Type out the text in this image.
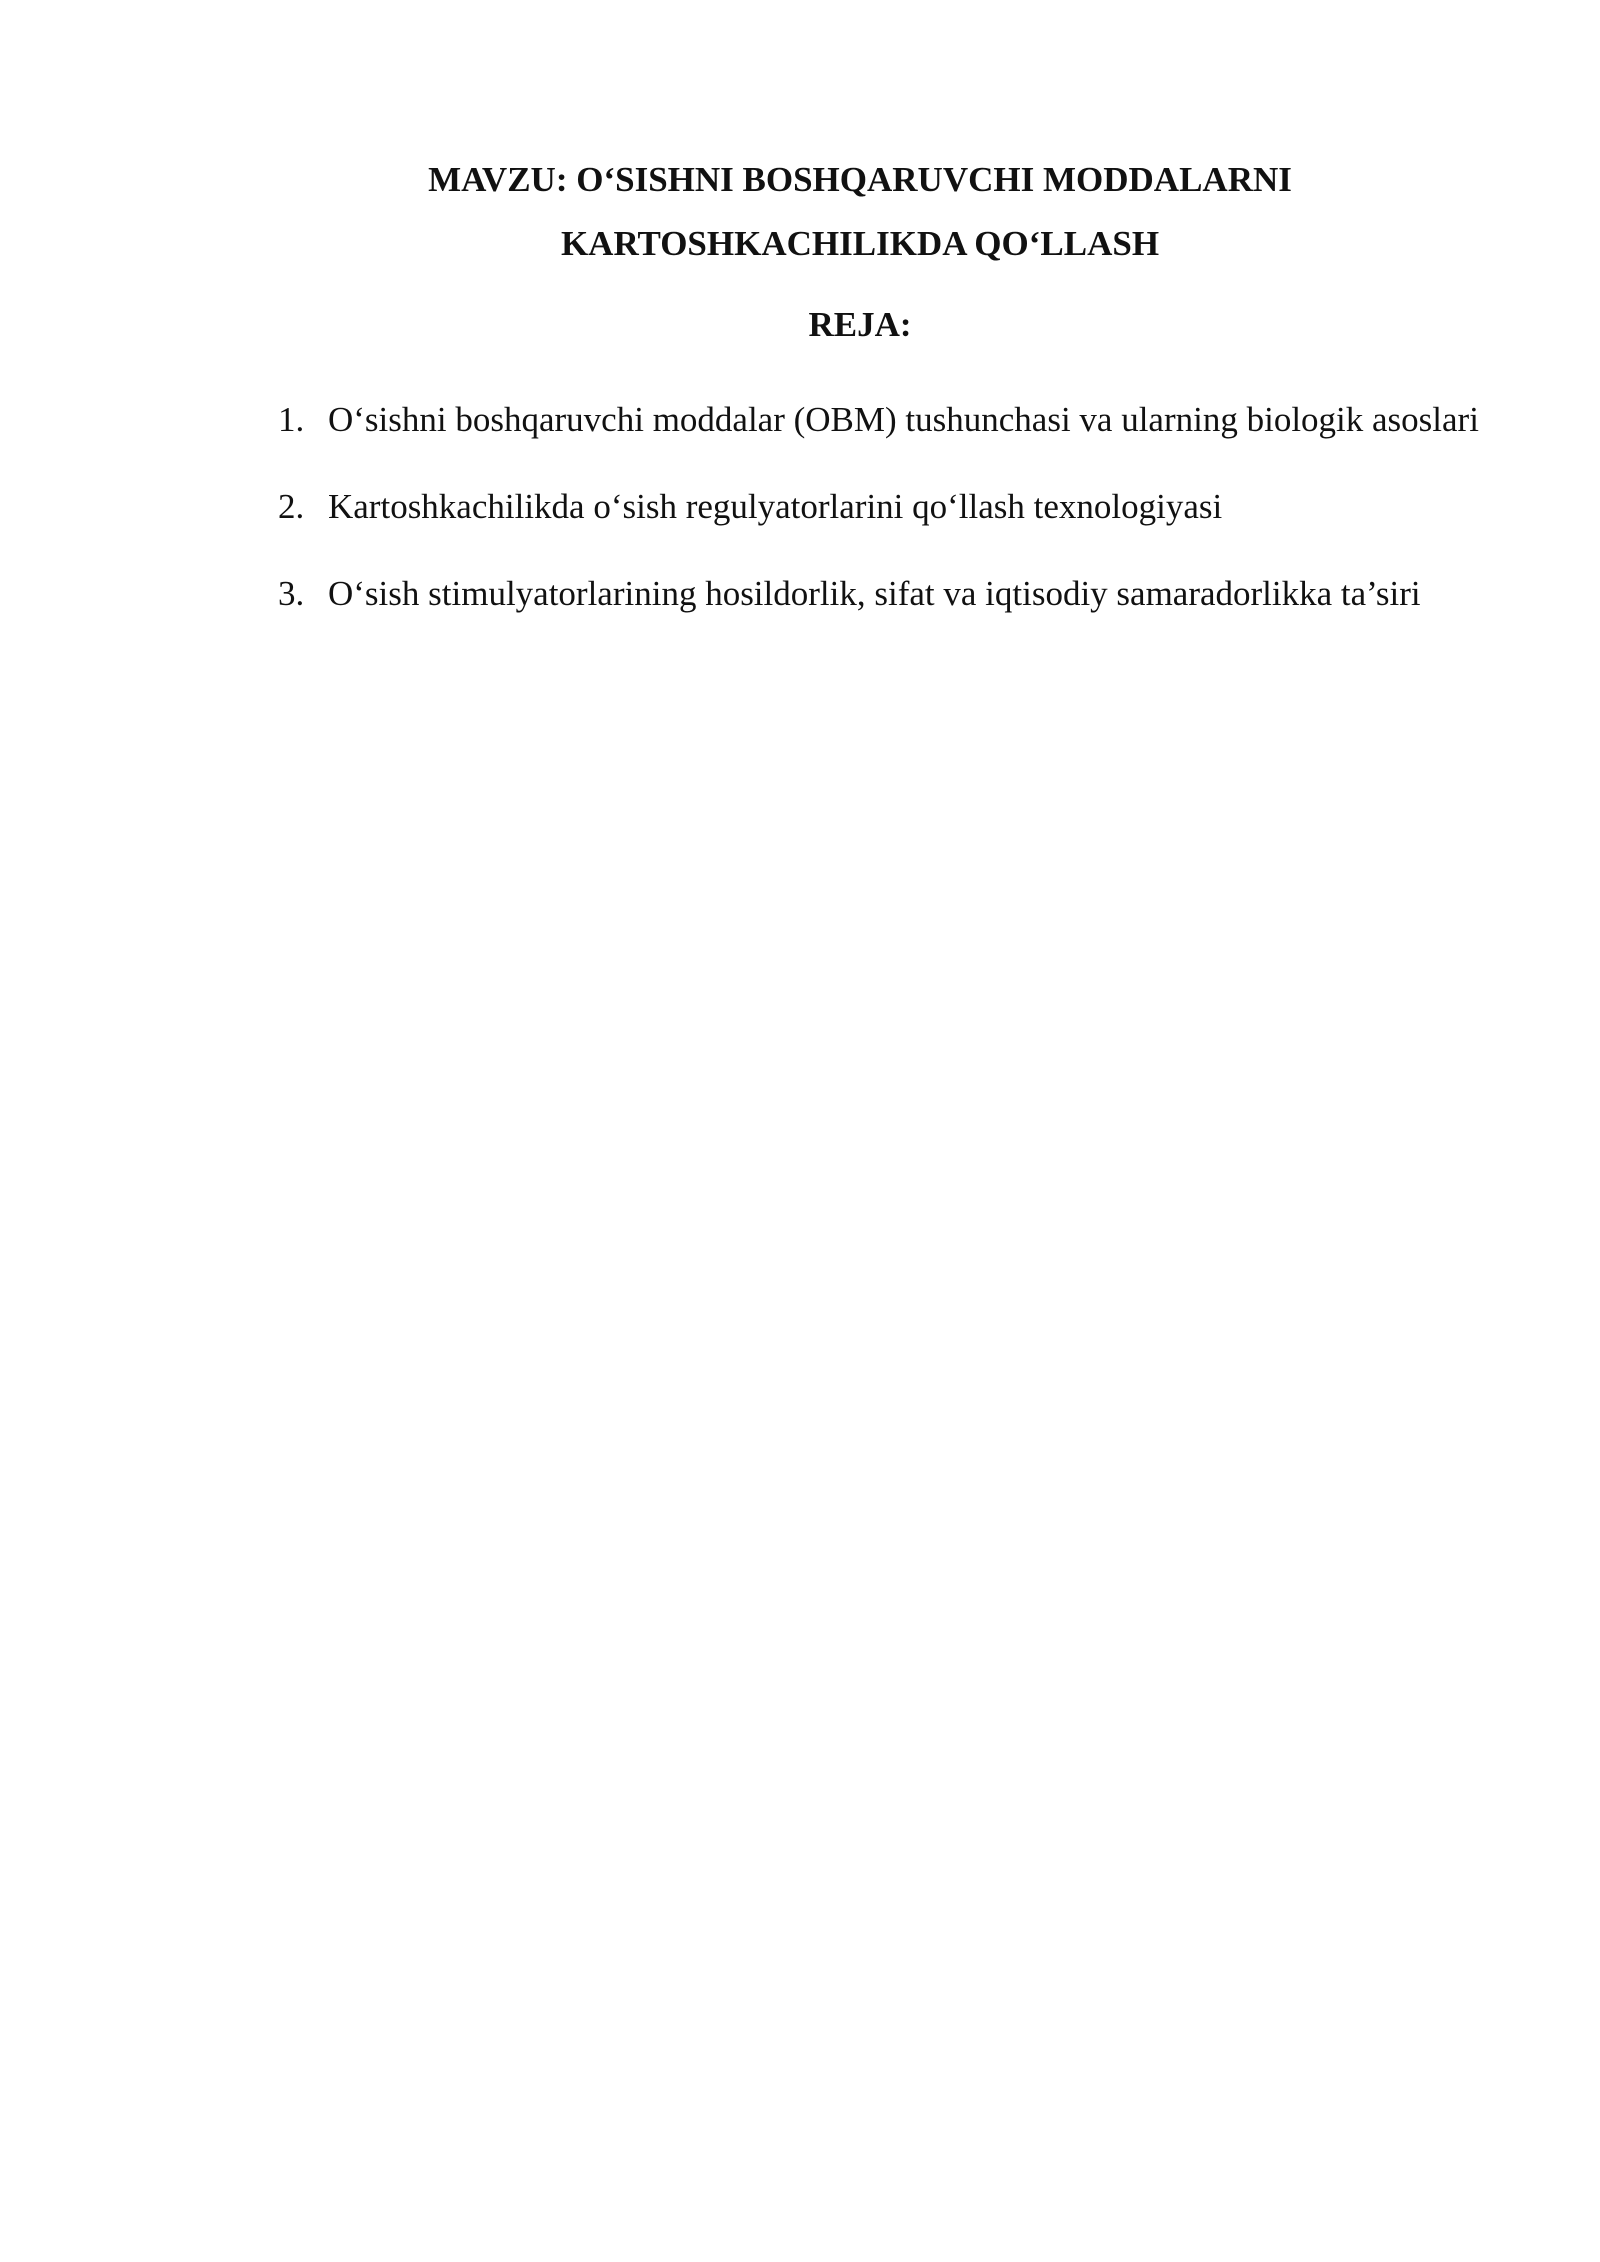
MAVZU: O‘SISHNI BOSHQARUVCHI MODDALARNI
KARTOSHKACHILIKDA QO‘LLASH
REJA:
1. O‘sishni boshqaruvchi moddalar (OBM) tushunchasi va ularning biologik asoslari
2. Kartoshkachilikda o‘sish regulyatorlarini qo‘llash texnologiyasi
3. O‘sish stimulyatorlarining hosildorlik, sifat va iqtisodiy samaradorlikka ta’siri
